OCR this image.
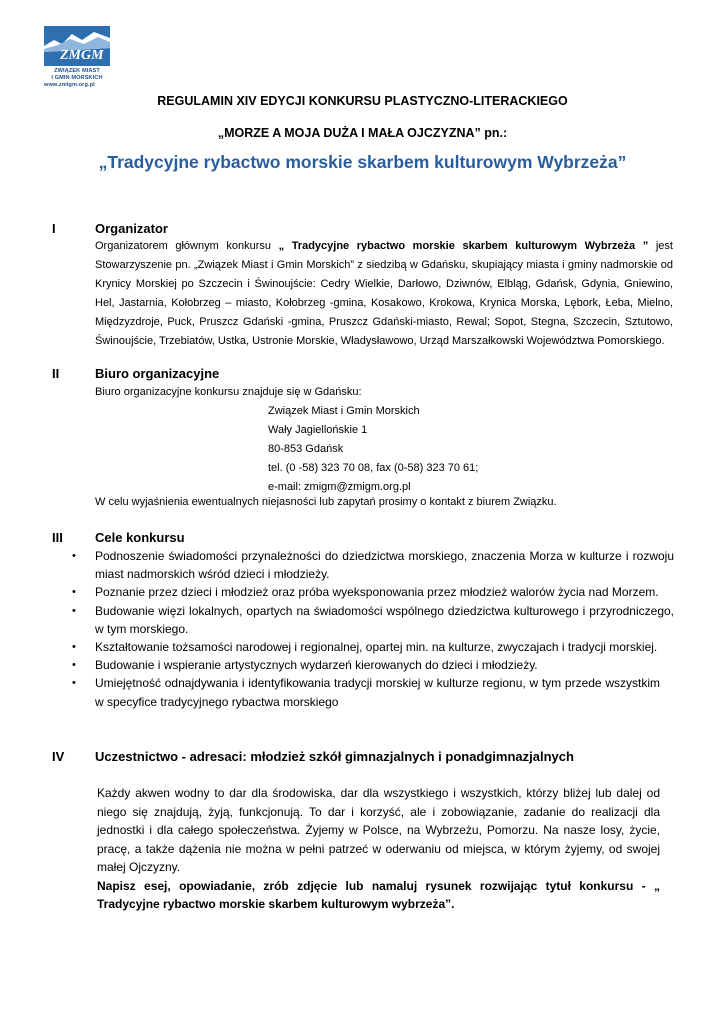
ZMGM
ZWIĄZEK MIAST
I GMIN MORSKICH
www.zmigm.org.pl
REGULAMIN XIV EDYCJI KONKURSU PLASTYCZNO-LITERACKIEGO
„MORZE A MOJA DUŻA I MAŁA OJCZYZNA” pn.:
„Tradycyjne rybactwo morskie skarbem kulturowym Wybrzeża”
I	Organizator
Organizatorem głównym konkursu „ Tradycyjne rybactwo morskie skarbem kulturowym Wybrzeża ” jest Stowarzyszenie pn. „Związek Miast i Gmin Morskich” z siedzibą w Gdańsku, skupiający miasta i gminy nadmorskie od Krynicy Morskiej po Szczecin i Świnoujście: Cedry Wielkie, Darłowo, Dziwnów, Elbląg, Gdańsk, Gdynia, Gniewino, Hel, Jastarnia, Kołobrzeg – miasto, Kołobrzeg -gmina, Kosakowo, Krokowa, Krynica Morska, Lębork, Łeba, Mielno, Międzyzdroje, Puck, Pruszcz Gdański -gmina, Pruszcz Gdański-miasto, Rewal; Sopot, Stegna, Szczecin, Sztutowo, Świnoujście, Trzebiatów, Ustka, Ustronie Morskie, Władysławowo, Urząd Marszałkowski Województwa Pomorskiego.
II	Biuro organizacyjne
Biuro organizacyjne konkursu znajduje się w Gdańsku:
Związek Miast i Gmin Morskich
Wały Jagiellońskie 1
80-853 Gdańsk
tel. (0 -58) 323 70 08, fax (0-58) 323 70 61;
e-mail: zmigm@zmigm.org.pl
W celu wyjaśnienia ewentualnych niejasności lub zapytań prosimy o kontakt z biurem Związku.
III Cele konkursu
• Podnoszenie świadomości przynależności do dziedzictwa morskiego, znaczenia Morza w kulturze i rozwoju miast nadmorskich wśród dzieci i młodzieży.
• Poznanie przez dzieci i młodzież oraz próba wyeksponowania przez młodzież walorów życia nad Morzem.
• Budowanie więzi lokalnych, opartych na świadomości wspólnego dziedzictwa kulturowego i przyrodniczego, w tym morskiego.
• Kształtowanie tożsamości narodowej i regionalnej, opartej min. na kulturze, zwyczajach i tradycji morskiej.
• Budowanie i wspieranie artystycznych wydarzeń kierowanych do dzieci i młodzieży.
• Umiejętność odnajdywania i identyfikowania tradycji morskiej w kulturze regionu, w tym przede wszystkim w specyfice tradycyjnego rybactwa morskiego
IV Uczestnictwo - adresaci: młodzież szkół gimnazjalnych i ponadgimnazjalnych
Każdy akwen wodny to dar dla środowiska, dar dla wszystkiego i wszystkich, którzy bliżej lub dalej od niego się znajdują, żyją, funkcjonują. To dar i korzyść, ale i zobowiązanie, zadanie do realizacji dla jednostki i dla całego społeczeństwa. Żyjemy w Polsce, na Wybrzeżu, Pomorzu. Na nasze losy, życie, pracę, a także dążenia nie można w pełni patrzeć w oderwaniu od miejsca, w którym żyjemy, od swojej małej Ojczyzny.
Napisz esej, opowiadanie, zrób zdjęcie lub namaluj rysunek rozwijając tytuł konkursu - „ Tradycyjne rybactwo morskie skarbem kulturowym wybrzeża”.
